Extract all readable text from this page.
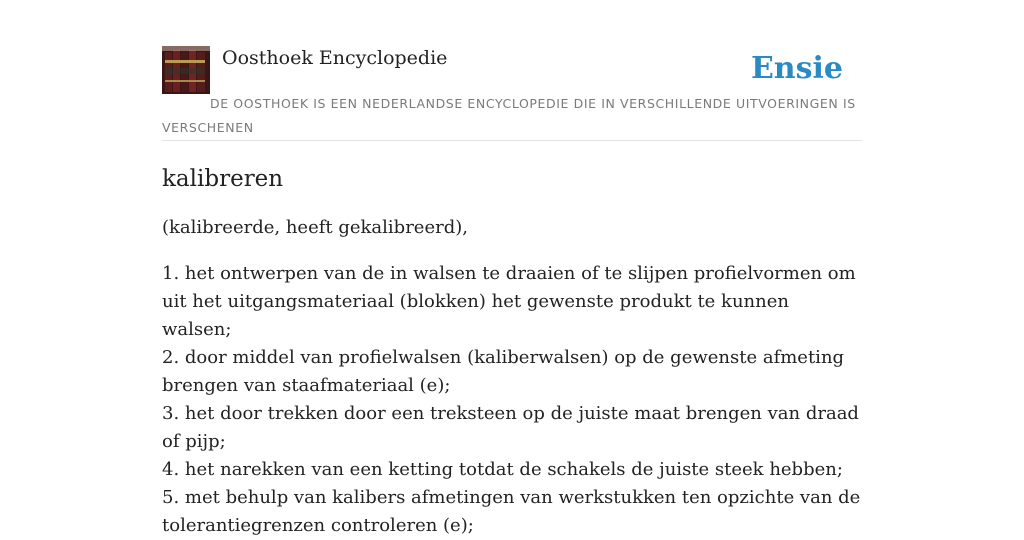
Oosthoek Encyclopedie	Ensie
DE OOSTHOEK IS EEN NEDERLANDSE ENCYCLOPEDIE DIE IN VERSCHILLENDE UITVOERINGEN IS VERSCHENEN
kalibreren

(kalibreerde, heeft gekalibreerd),

1. het ontwerpen van de in walsen te draaien of te slijpen profielvormen om uit het uitgangsmateriaal (blokken) het gewenste produkt te kunnen walsen;
2. door middel van profielwalsen (kaliberwalsen) op de gewenste afmeting brengen van staafmateriaal (e);
3. het door trekken door een treksteen op de juiste maat brengen van draad of pijp;
4. het narekken van een ketting totdat de schakels de juiste steek hebben;
5. met behulp van kalibers afmetingen van werkstukken ten opzichte van de tolerantiegrenzen controleren (e);
